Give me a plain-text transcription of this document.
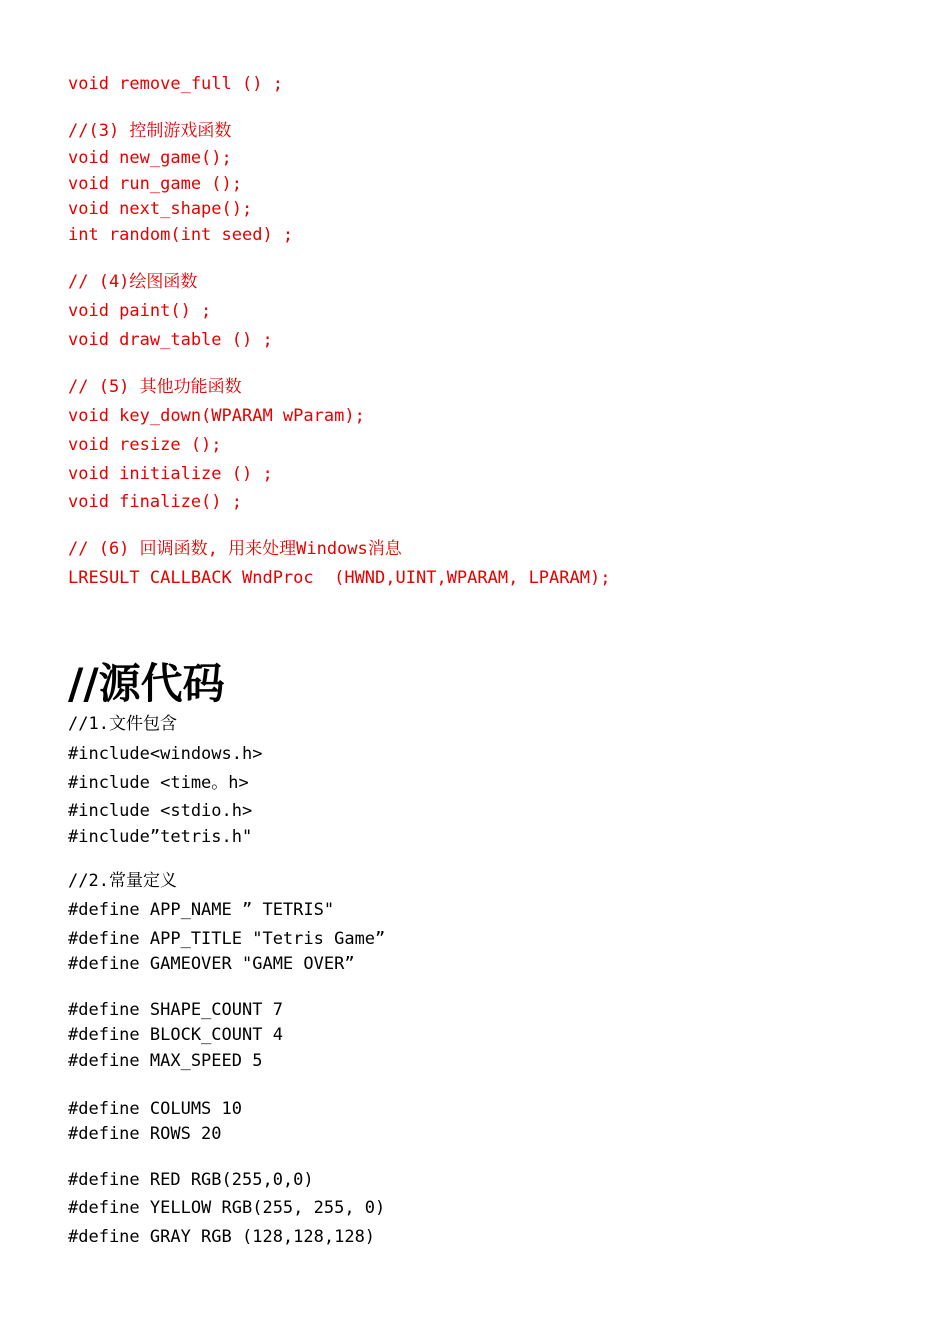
void remove_full () ;
//(3) 控制游戏函数
void new_game();
void run_game ();
void next_shape();
int random(int seed) ;
// (4)绘图函数
void paint() ;
void draw_table () ;
// (5) 其他功能函数
void key_down(WPARAM wParam);
void resize ();
void initialize () ;
void finalize() ;
// (6) 回调函数, 用来处理Windows消息
LRESULT CALLBACK WndProc  (HWND,UINT,WPARAM, LPARAM);
//源代码
//1.文件包含
#include<windows.h>
#include <time。h>
#include <stdio.h>
#include”tetris.h"
//2.常量定义
#define APP_NAME ” TETRIS"
#define APP_TITLE "Tetris Game”
#define GAMEOVER "GAME OVER”
#define SHAPE_COUNT 7
#define BLOCK_COUNT 4
#define MAX_SPEED 5
#define COLUMS 10
#define ROWS 20
#define RED RGB(255,0,0)
#define YELLOW RGB(255, 255, 0)
#define GRAY RGB (128,128,128)
